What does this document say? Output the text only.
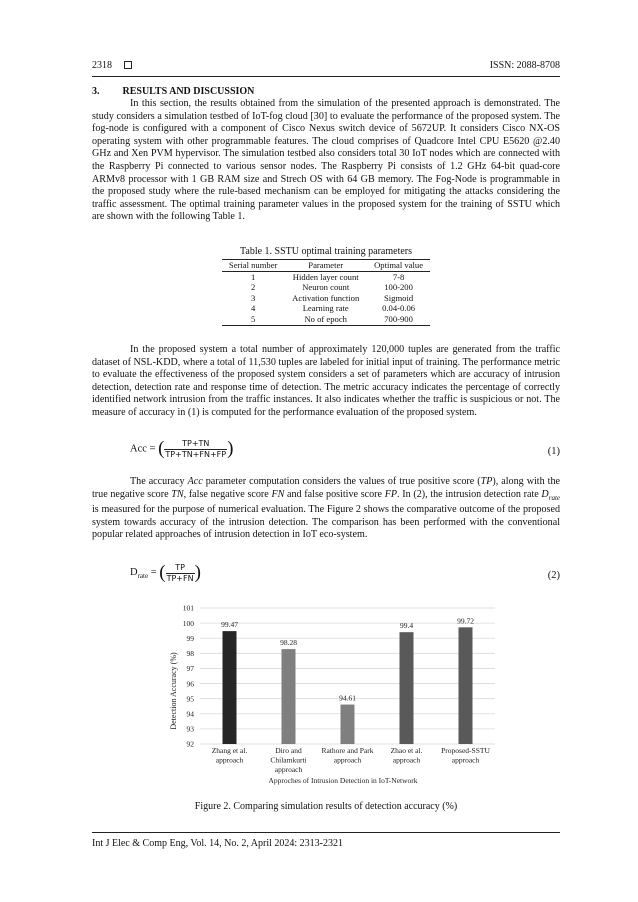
2318	ISSN: 2088-8708
3. RESULTS AND DISCUSSION

In this section, the results obtained from the simulation of the presented approach is demonstrated. The study considers a simulation testbed of IoT-fog cloud [30] to evaluate the performance of the proposed system. The fog-node is configured with a component of Cisco Nexus switch device of 5672UP. It considers Cisco NX-OS operating system with other programmable features. The cloud comprises of Quadcore Intel CPU E5620 @2.40 GHz and Xen PVM hypervisor. The simulation testbed also considers total 30 IoT nodes which are connected with the Raspberry Pi connected to various sensor nodes. The Raspberry Pi consists of 1.2 GHz 64-bit quad-core ARMv8 processor with 1 GB RAM size and Strech OS with 64 GB memory. The Fog-Node is programmable in the proposed study where the rule-based mechanism can be employed for mitigating the attacks considering the traffic assessment. The optimal training parameter values in the proposed system for the training of SSTU which are shown with the following Table 1.

Table 1. SSTU optimal training parameters
Serial number	Parameter	Optimal value
1	Hidden layer count	7-8
2	Neuron count	100-200
3	Activation function	Sigmoid
4	Learning rate	0.04-0.06
5	No of epoch	700-900

In the proposed system a total number of approximately 120,000 tuples are generated from the traffic dataset of NSL-KDD, where a total of 11,530 tuples are labeled for initial input of training. The performance metric to evaluate the effectiveness of the proposed system considers a set of parameters which are accuracy of intrusion detection, detection rate and response time of detection. The metric accuracy indicates the percentage of correctly identified network intrusion from the traffic instances. It also indicates whether the traffic is suspicious or not. The measure of accuracy in (1) is computed for the performance evaluation of the proposed system.

Acc = ( $\frac{TP+TN}{TP+TN+FN+FP}$ )	(1)

The accuracy Acc parameter computation considers the values of true positive score (TP), along with the true negative score TN, false negative score FN and false positive score FP. In (2), the intrusion detection rate $D_{rate}$ is measured for the purpose of numerical evaluation. The Figure 2 shows the comparative outcome of the proposed system towards accuracy of the intrusion detection. The comparison has been performed with the conventional popular related approaches of intrusion detection in IoT eco-system.

$D_{rate}$ = ( $\frac{TP}{TP+FN}$ )	(2)
92
93
94
95
96
97
98
99
100
101
99.47
98.28
94.61
99.4
99.72
Zhang et al. approach
Diro and Chilamkurti approach
Rathore and Park approach
Zhao et al. approach
Proposed-SSTU approach
Detection Accuracy (%)
Approches of Intrusion Detection in IoT-Network
Figure 2. Comparing simulation results of detection accuracy (%)
Int J Elec & Comp Eng, Vol. 14, No. 2, April 2024: 2313-2321
